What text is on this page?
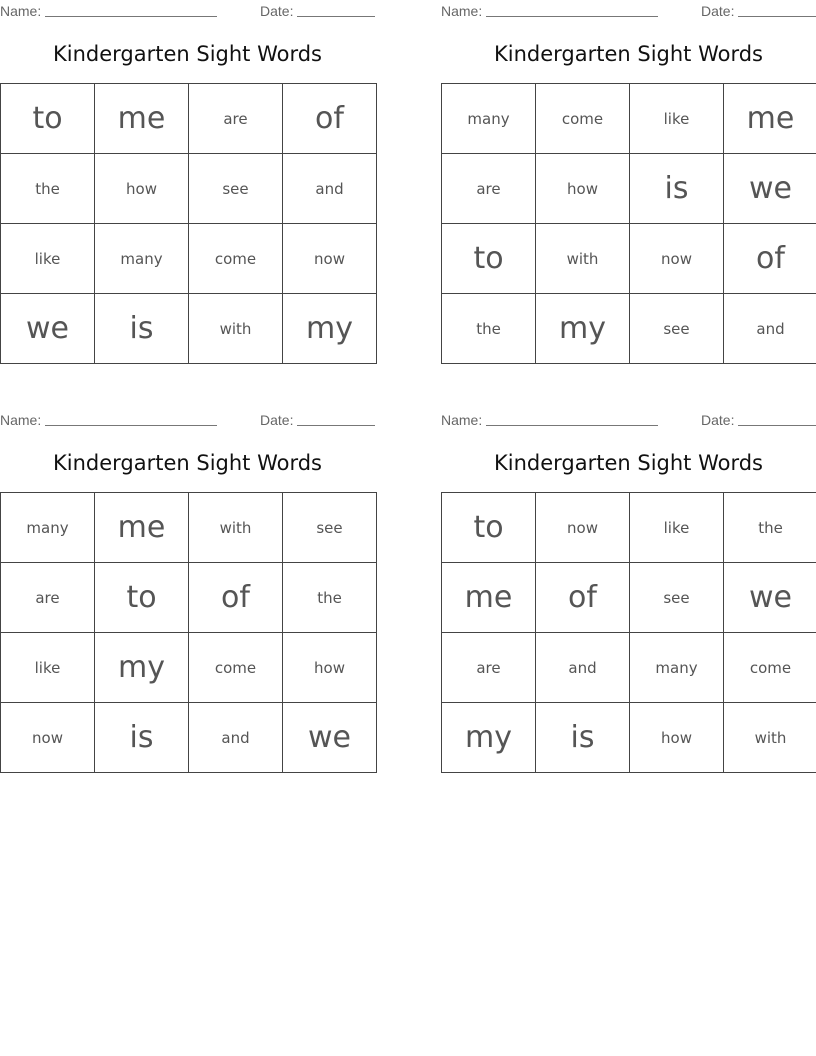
Name:	Date:
Kindergarten Sight Words
to	me	are	of
the	how	see	and
like	many	come	now
we	is	with	my
Name:	Date:
Kindergarten Sight Words
many	come	like	me
are	how	is	we
to	with	now	of
the	my	see	and
Name:	Date:
Kindergarten Sight Words
many	me	with	see
are	to	of	the
like	my	come	how
now	is	and	we
Name:	Date:
Kindergarten Sight Words
to	now	like	the
me	of	see	we
are	and	many	come
my	is	how	with
